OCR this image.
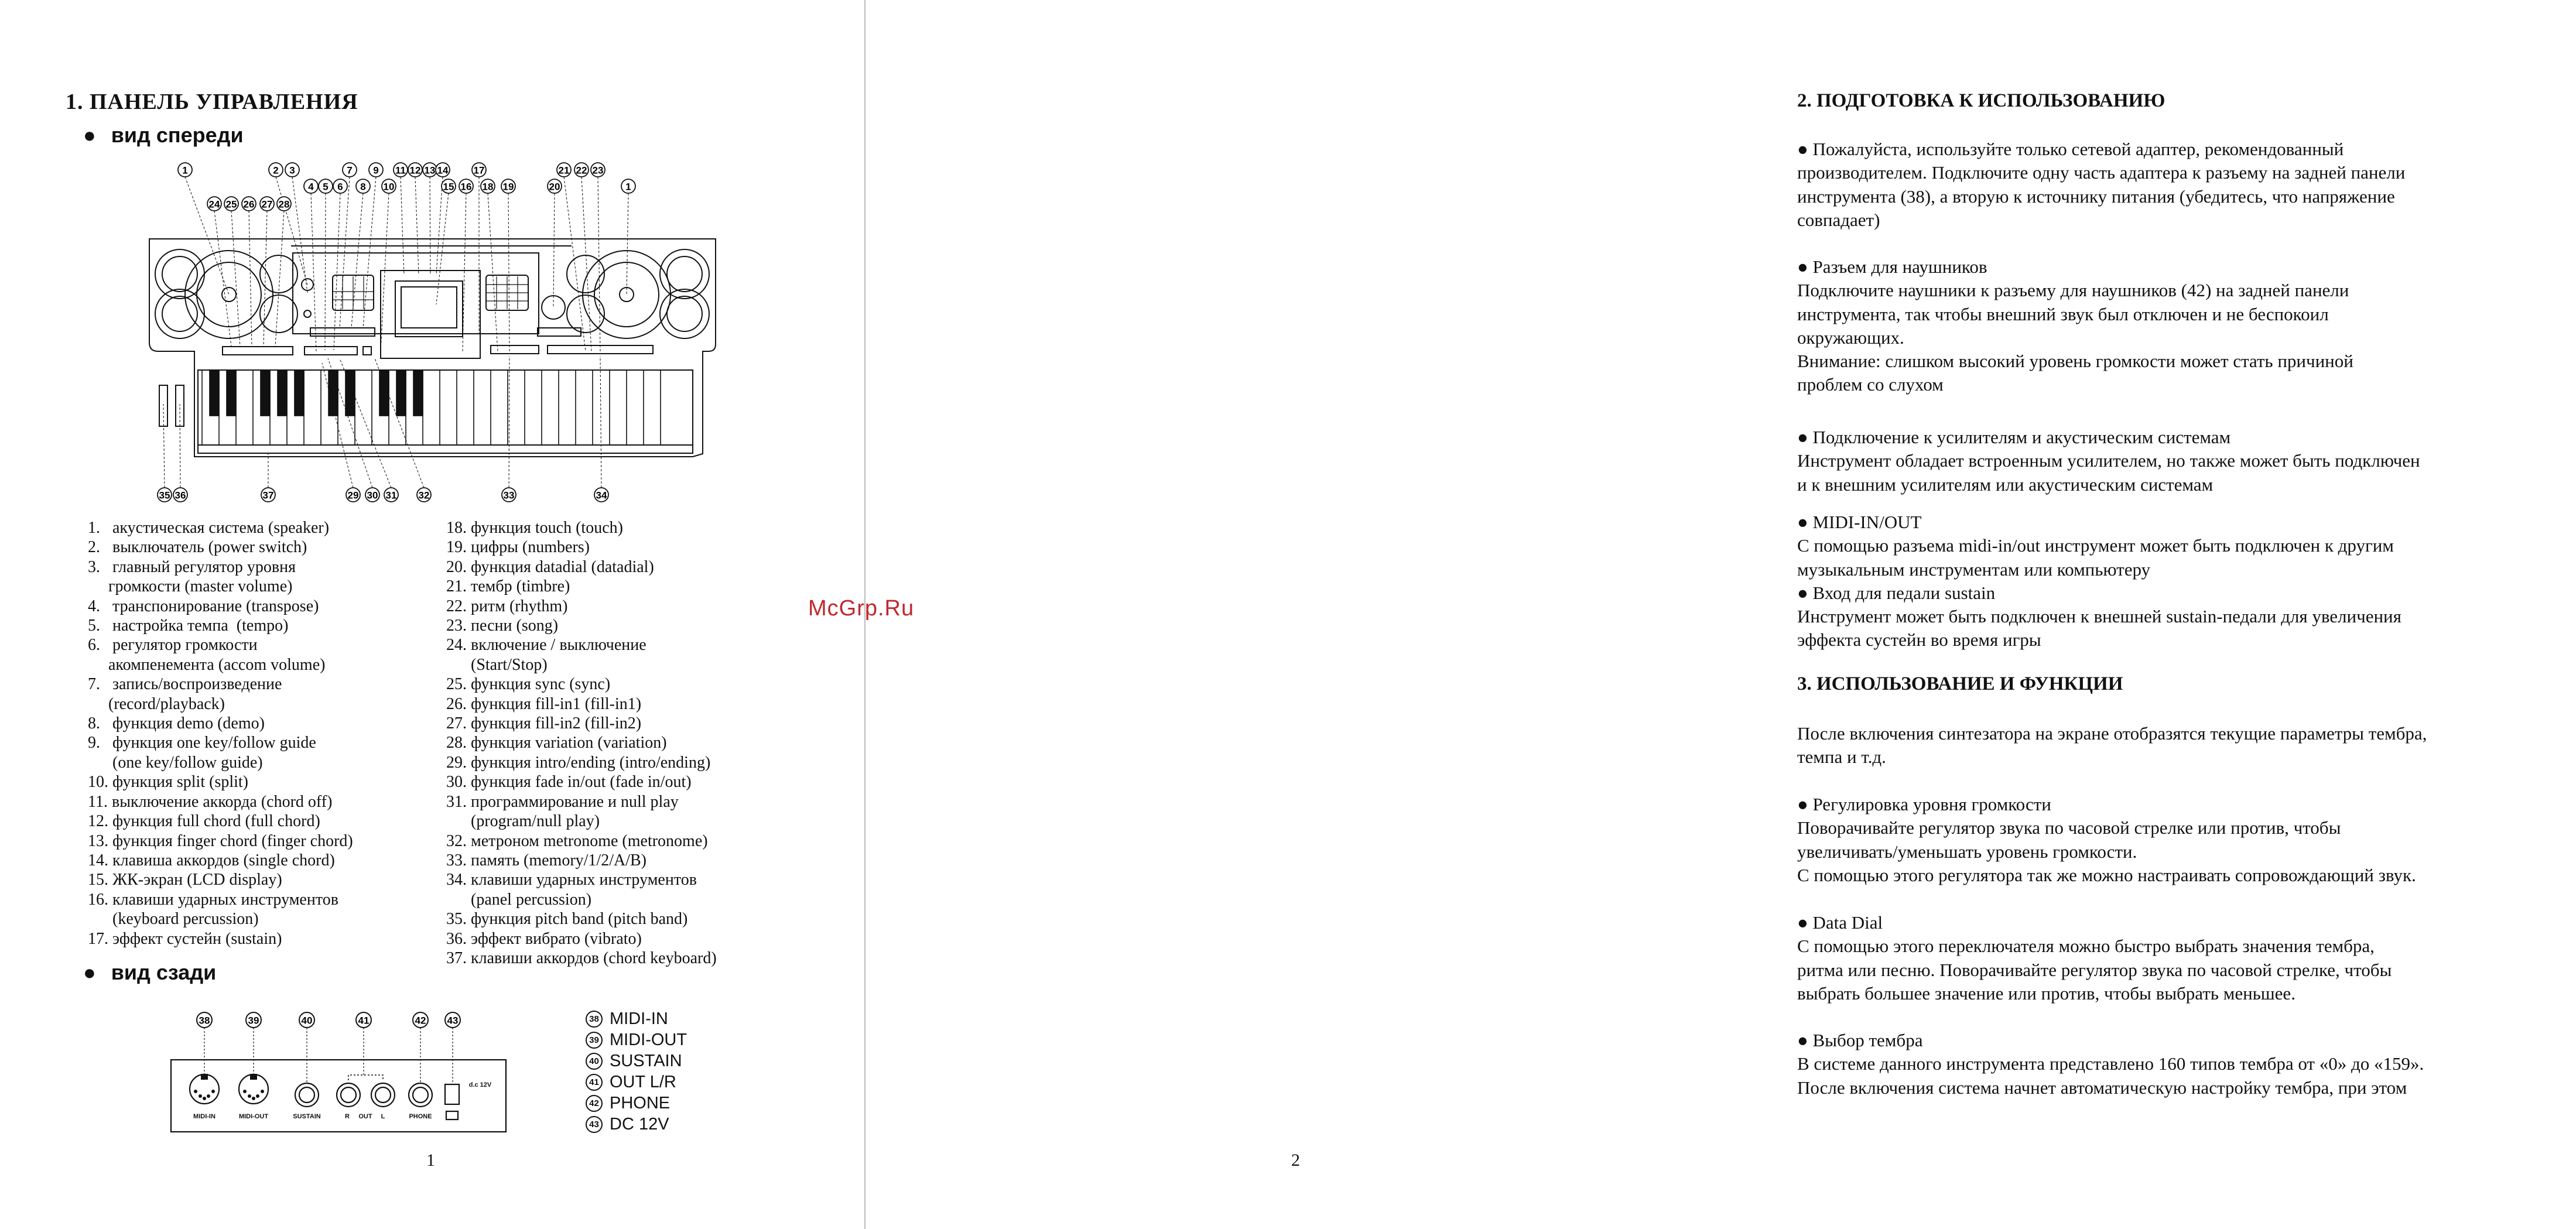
1. ПАНЕЛЬ УПРАВЛЕНИЯ
● вид спереди
1	2 3
4 5 6
7
8
9
10
11 12 13 14
15 16
17
18 19	20
21 22 23
1
24 25 26 27 28
35 36	37	29 30 31 32	33	34
1. акустическая система (speaker)
2. выключатель (power switch)
3. главный регулятор уровня

громкости (master volume)
4. транспонирование (transpose)
5. настройка темпа  (tempo)
6. регулятор громкости

акомпенемента (accom volume)
7. запись/воспроизведение

(record/playback)
8. функция demo (demo)
9. функция one key/follow guide

(one key/follow guide)
10. функция split (split)
11. выключение аккорда (chord off)
12. функция full chord (full chord)
13. функция finger chord (finger chord)
14. клавиша аккордов (single chord)
15. ЖК-экран (LCD display)
16. клавиши ударных инструментов

(keyboard percussion)
17. эффект сустейн (sustain)
18. функция touch (touch)
19. цифры (numbers)
20. функция datadial (datadial)
21. тембр (timbre)
22. ритм (rhythm)
23. песни (song)
24. включение / выключение

(Start/Stop)
25. функция sync (sync)
26. функция fill-in1 (fill-in1)
27. функция fill-in2 (fill-in2)
28. функция variation (variation)
29. функция intro/ending (intro/ending)
30. функция fade in/out (fade in/out)
31. программирование и null play

(program/null play)
32. метроном metronome (metronome)
33. память (memory/1/2/A/B)
34. клавиши ударных инструментов

(panel percussion)
35. функция pitch band (pitch band)
36. эффект вибрато (vibrato)
37. клавиши аккордов (chord keyboard)
● вид сзади
MIDI-IN	MIDI-OUT	SUSTAIN	R OUT L	PHONE
d.c 12V
38	39	40	41	42 43	38 MIDI-IN
39 MIDI-OUT
40 SUSTAIN
41 OUT L/R
42 PHONE
43 DC 12V
1
McGrp.Ru

2. ПОДГОТОВКА К ИСПОЛЬЗОВАНИЮ

● Пожалуйста, используйте только сетевой адаптер, рекомендованный
производителем. Подключите одну часть адаптера к разъему на задней панели
инструмента (38), а вторую к источнику питания (убедитесь, что напряжение
совпадает)

● Разъем для наушников
Подключите наушники к разъему для наушников (42) на задней панели
инструмента, так чтобы внешний звук был отключен и не беспокоил
окружающих.
Внимание: слишком высокий уровень громкости может стать причиной
проблем со слухом

● Подключение к усилителям и акустическим системам
Инструмент обладает встроенным усилителем, но также может быть подключен
и к внешним усилителям или акустическим системам

● MIDI-IN/OUT
С помощью разъема midi-in/out инструмент может быть подключен к другим
музыкальным инструментам или компьютеру
● Вход для педали sustain
Инструмент может быть подключен к внешней sustain-педали для увеличения
эффекта сустейн во время игры

3. ИСПОЛЬЗОВАНИЕ И ФУНКЦИИ

После включения синтезатора на экране отобразятся текущие параметры тембра,
темпа и т.д.

● Регулировка уровня громкости
Поворачивайте регулятор звука по часовой стрелке или против, чтобы
увеличивать/уменьшать уровень громкости.
С помощью этого регулятора так же можно настраивать сопровождающий звук.

● Data Dial
С помощью этого переключателя можно быстро выбрать значения тембра,
ритма или песню. Поворачивайте регулятор звука по часовой стрелке, чтобы
выбрать большее значение или против, чтобы выбрать меньшее.

● Выбор тембра
В системе данного инструмента представлено 160 типов тембра от «0» до «159».
После включения система начнет автоматическую настройку тембра, при этом

2
